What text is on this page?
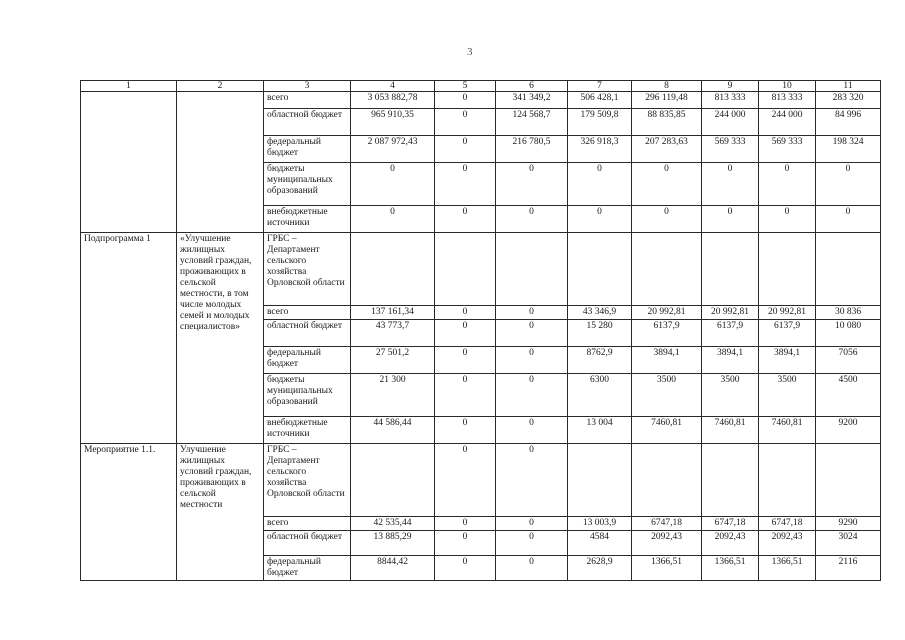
3
1	2	3	4	5	6	7	8	9	10	11
		всего	3 053 882,78	0	341 349,2	506 428,1	296 119,48	813 333	813 333	283 320
		областной бюджет	965 910,35	0	124 568,7	179 509,8	88 835,85	244 000	244 000	84 996
		федеральный бюджет	2 087 972,43	0	216 780,5	326 918,3	207 283,63	569 333	569 333	198 324
		бюджеты муниципальных образований	0	0	0	0	0	0	0	0
		внебюджетные источники	0	0	0	0	0	0	0	0
Подпрограмма 1	«Улучшение жилищных условий граждан, проживающих в сельской местности, в том числе молодых семей и молодых специалистов»	ГРБС – Департамент сельского хозяйства Орловской области								
		всего	137 161,34	0	0	43 346,9	20 992,81	20 992,81	20 992,81	30 836
		областной бюджет	43 773,7	0	0	15 280	6137,9	6137,9	6137,9	10 080
		федеральный бюджет	27 501,2	0	0	8762,9	3894,1	3894,1	3894,1	7056
		бюджеты муниципальных образований	21 300	0	0	6300	3500	3500	3500	4500
		внебюджетные источники	44 586,44	0	0	13 004	7460,81	7460,81	7460,81	9200
Мероприятие 1.1.	Улучшение жилищных условий граждан, проживающих в сельской местности	ГРБС – Департамент сельского хозяйства Орловской области		0	0					
		всего	42 535,44	0	0	13 003,9	6747,18	6747,18	6747,18	9290
		областной бюджет	13 885,29	0	0	4584	2092,43	2092,43	2092,43	3024
		федеральный бюджет	8844,42	0	0	2628,9	1366,51	1366,51	1366,51	2116
